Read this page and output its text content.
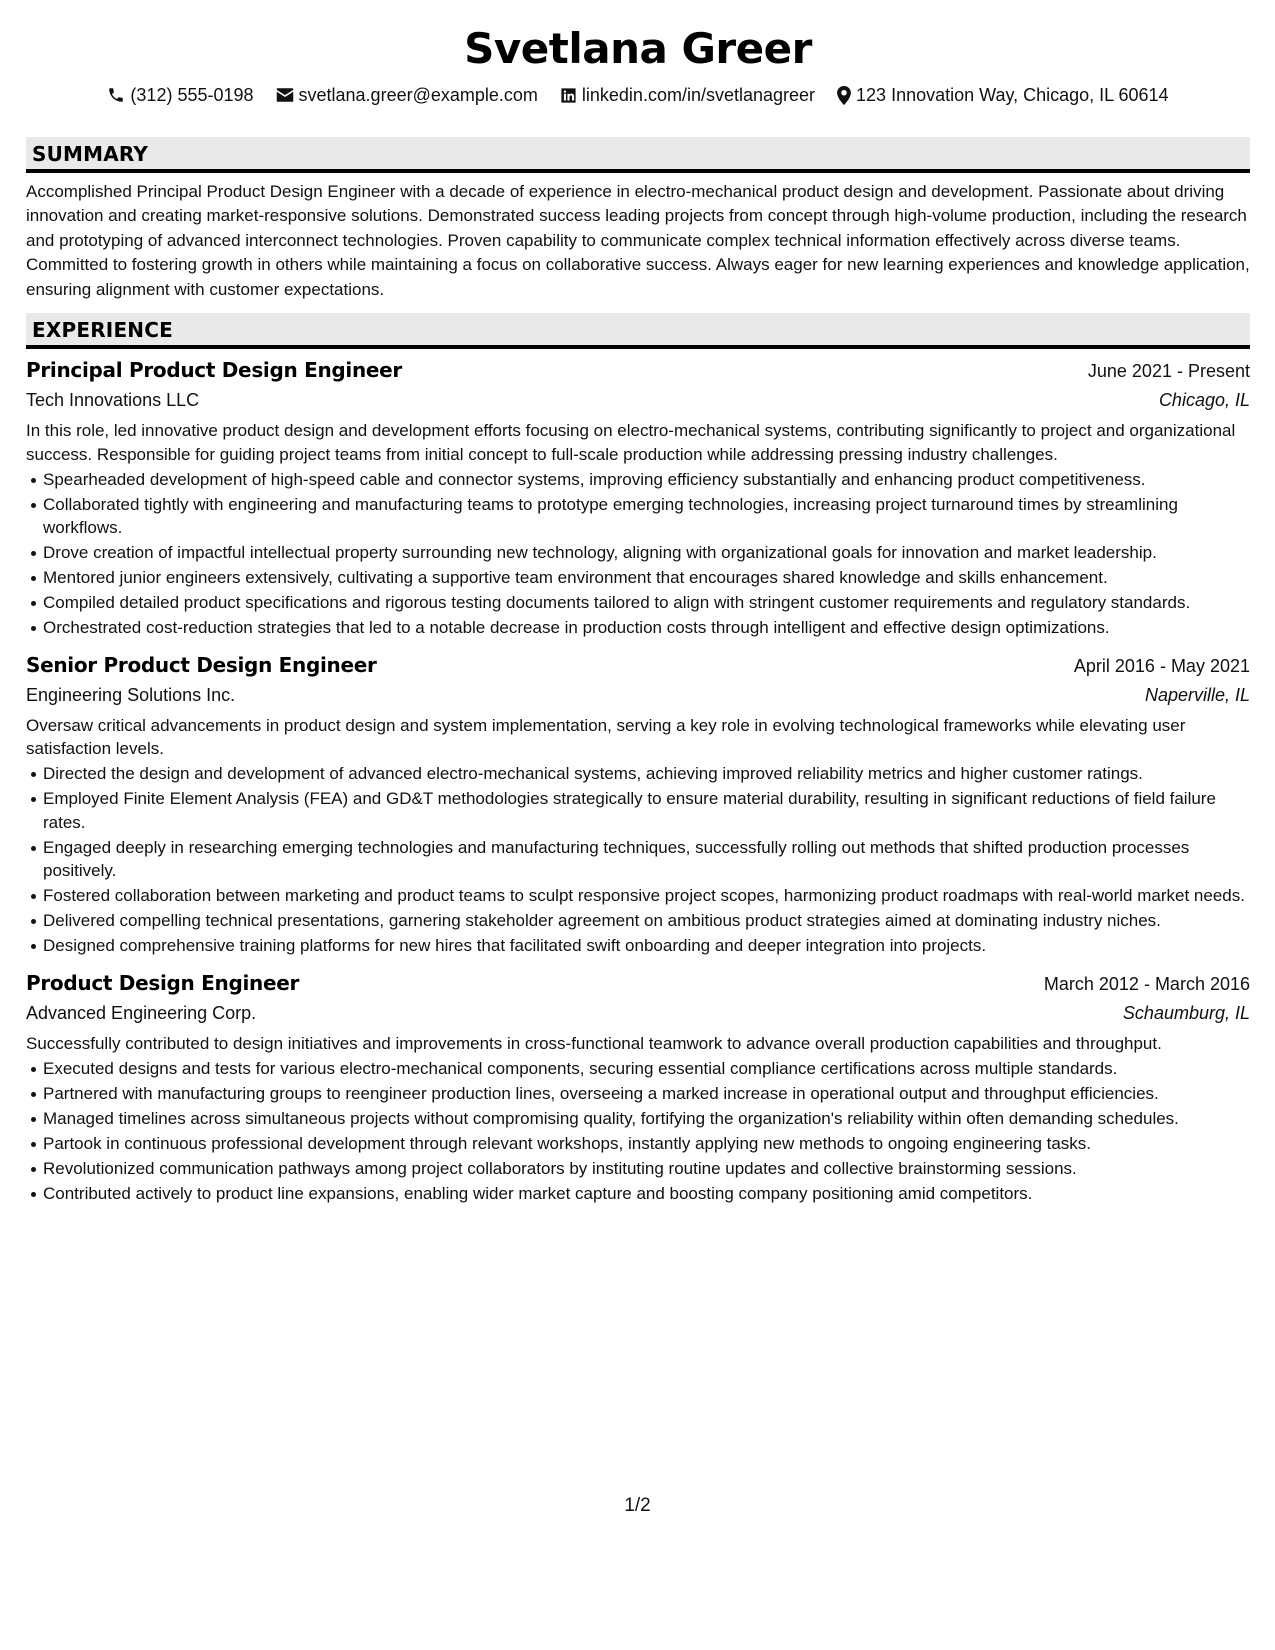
Svetlana Greer
(312) 555-0198	svetlana.greer@example.com linkedin.com/in/svetlanagreer 123 Innovation Way, Chicago, IL 60614
SUMMARY
Accomplished Principal Product Design Engineer with a decade of experience in electro-mechanical product design and development. Passionate about driving innovation and creating market-responsive solutions. Demonstrated success leading projects from concept through high-volume production, including the research and prototyping of advanced interconnect technologies. Proven capability to communicate complex technical information effectively across diverse teams. Committed to fostering growth in others while maintaining a focus on collaborative success. Always eager for new learning experiences and knowledge application, ensuring alignment with customer expectations.
EXPERIENCE
Principal Product Design Engineer	June 2021 - Present
Tech Innovations LLC	Chicago, IL
In this role, led innovative product design and development efforts focusing on electro-mechanical systems, contributing significantly to project and organizational success. Responsible for guiding project teams from initial concept to full-scale production while addressing pressing industry challenges.
Spearheaded development of high-speed cable and connector systems, improving efficiency substantially and enhancing product competitiveness.
Collaborated tightly with engineering and manufacturing teams to prototype emerging technologies, increasing project turnaround times by streamlining workflows.
Drove creation of impactful intellectual property surrounding new technology, aligning with organizational goals for innovation and market leadership.
Mentored junior engineers extensively, cultivating a supportive team environment that encourages shared knowledge and skills enhancement.
Compiled detailed product specifications and rigorous testing documents tailored to align with stringent customer requirements and regulatory standards.
Orchestrated cost-reduction strategies that led to a notable decrease in production costs through intelligent and effective design optimizations.
Senior Product Design Engineer	April 2016 - May 2021
Engineering Solutions Inc.	Naperville, IL
Oversaw critical advancements in product design and system implementation, serving a key role in evolving technological frameworks while elevating user satisfaction levels.
Directed the design and development of advanced electro-mechanical systems, achieving improved reliability metrics and higher customer ratings.
Employed Finite Element Analysis (FEA) and GD&T methodologies strategically to ensure material durability, resulting in significant reductions of field failure rates.
Engaged deeply in researching emerging technologies and manufacturing techniques, successfully rolling out methods that shifted production processes positively.
Fostered collaboration between marketing and product teams to sculpt responsive project scopes, harmonizing product roadmaps with real-world market needs.
Delivered compelling technical presentations, garnering stakeholder agreement on ambitious product strategies aimed at dominating industry niches.
Designed comprehensive training platforms for new hires that facilitated swift onboarding and deeper integration into projects.
Product Design Engineer	March 2012 - March 2016
Advanced Engineering Corp.	Schaumburg, IL
Successfully contributed to design initiatives and improvements in cross-functional teamwork to advance overall production capabilities and throughput.
Executed designs and tests for various electro-mechanical components, securing essential compliance certifications across multiple standards.
Partnered with manufacturing groups to reengineer production lines, overseeing a marked increase in operational output and throughput efficiencies.
Managed timelines across simultaneous projects without compromising quality, fortifying the organization's reliability within often demanding schedules.
Partook in continuous professional development through relevant workshops, instantly applying new methods to ongoing engineering tasks.
Revolutionized communication pathways among project collaborators by instituting routine updates and collective brainstorming sessions.
Contributed actively to product line expansions, enabling wider market capture and boosting company positioning amid competitors.
1/2
